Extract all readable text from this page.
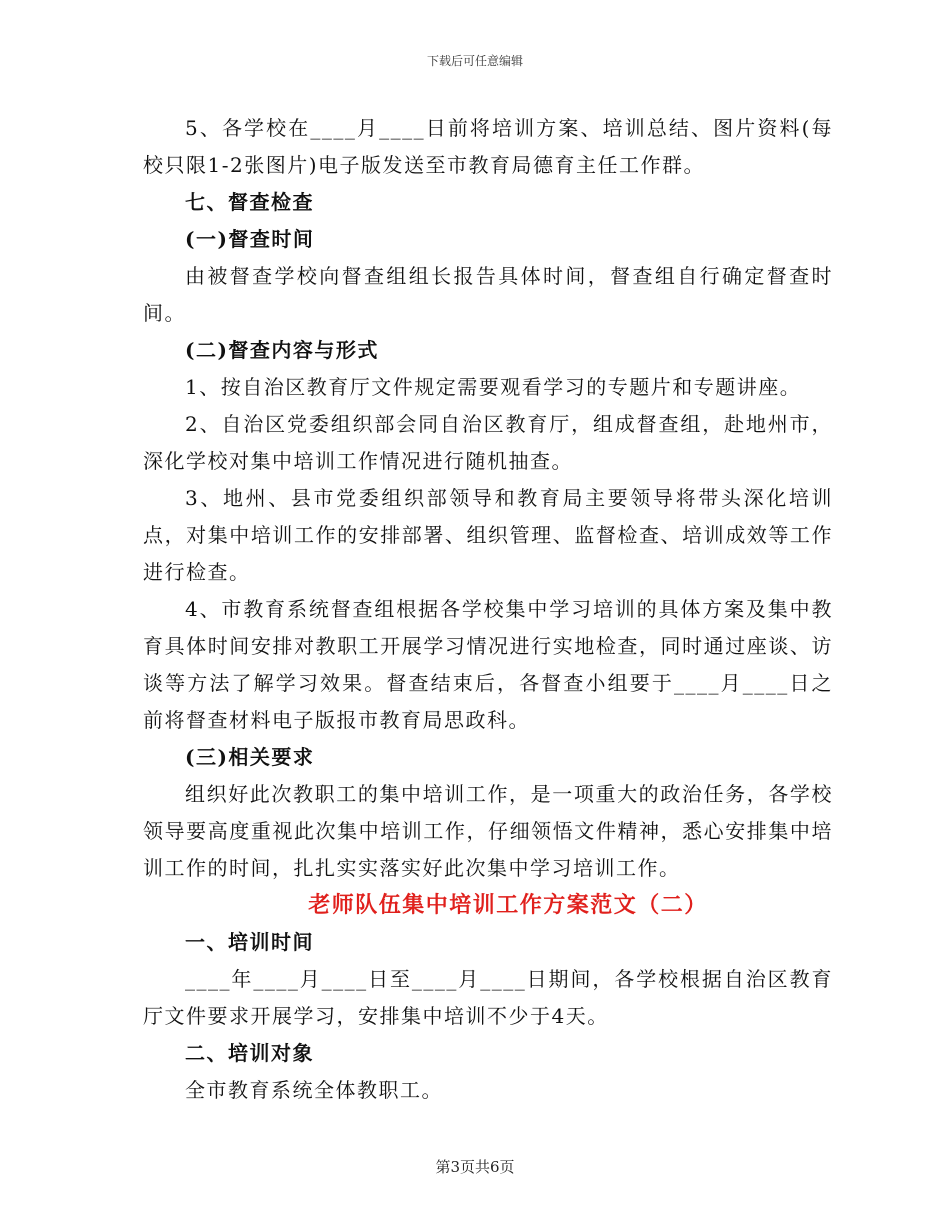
下载后可任意编辑

5、各学校在____月____日前将培训方案、培训总结、图片资料(每校只限1-2张图片)电子版发送至市教育局德育主任工作群。

七、督查检查

(一)督查时间

由被督查学校向督查组组长报告具体时间，督查组自行确定督查时间。

(二)督查内容与形式

1、按自治区教育厅文件规定需要观看学习的专题片和专题讲座。

2、自治区党委组织部会同自治区教育厅，组成督查组，赴地州市，深化学校对集中培训工作情况进行随机抽查。

3、地州、县市党委组织部领导和教育局主要领导将带头深化培训点，对集中培训工作的安排部署、组织管理、监督检查、培训成效等工作进行检查。

4、市教育系统督查组根据各学校集中学习培训的具体方案及集中教育具体时间安排对教职工开展学习情况进行实地检查，同时通过座谈、访谈等方法了解学习效果。督查结束后，各督查小组要于____月____日之前将督查材料电子版报市教育局思政科。

(三)相关要求

组织好此次教职工的集中培训工作，是一项重大的政治任务，各学校领导要高度重视此次集中培训工作，仔细领悟文件精神，悉心安排集中培训工作的时间，扎扎实实落实好此次集中学习培训工作。

老师队伍集中培训工作方案范文（二）

一、培训时间

____年____月____日至____月____日期间，各学校根据自治区教育厅文件要求开展学习，安排集中培训不少于4天。

二、培训对象

全市教育系统全体教职工。

第3页共6页
